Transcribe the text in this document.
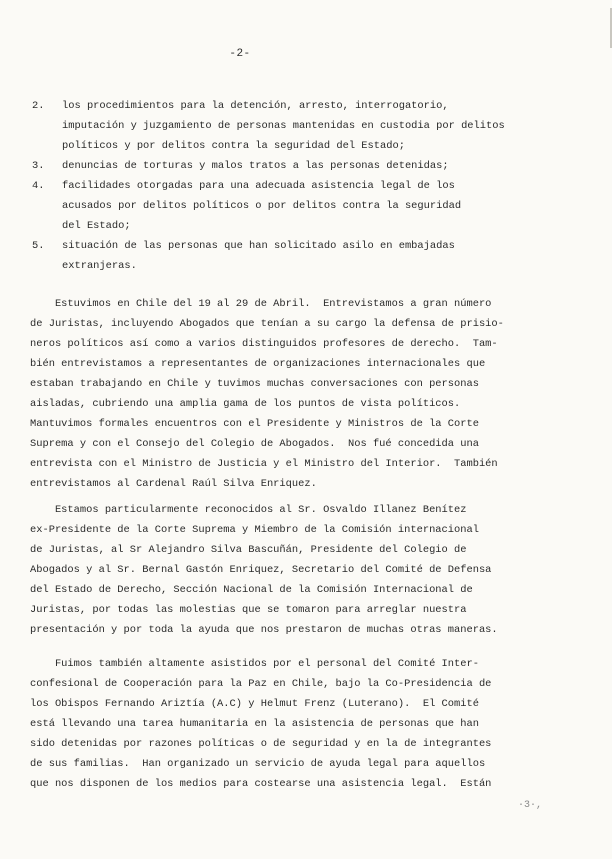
-2-
2.	los procedimientos para la detención, arresto, interrogatorio,
imputación y juzgamiento de personas mantenidas en custodia por delitos
políticos y por delitos contra la seguridad del Estado;
3.	denuncias de torturas y malos tratos a las personas detenidas;
4.	facilidades otorgadas para una adecuada asistencia legal de los
acusados por delitos políticos o por delitos contra la seguridad
del Estado;
5.	situación de las personas que han solicitado asilo en embajadas
extranjeras.
Estuvimos en Chile del 19 al 29 de Abril.  Entrevistamos a gran número
de Juristas, incluyendo Abogados que tenían a su cargo la defensa de prisio-
neros políticos así como a varios distinguidos profesores de derecho.  Tam-
bién entrevistamos a representantes de organizaciones internacionales que
estaban trabajando en Chile y tuvimos muchas conversaciones con personas
aisladas, cubriendo una amplia gama de los puntos de vista políticos.
Mantuvimos formales encuentros con el Presidente y Ministros de la Corte
Suprema y con el Consejo del Colegio de Abogados.  Nos fué concedida una
entrevista con el Ministro de Justicia y el Ministro del Interior.  También
entrevistamos al Cardenal Raúl Silva Enriquez.
Estamos particularmente reconocidos al Sr. Osvaldo Illanez Benítez
ex-Presidente de la Corte Suprema y Miembro de la Comisión internacional
de Juristas, al Sr Alejandro Silva Bascuñán, Presidente del Colegio de
Abogados y al Sr. Bernal Gastón Enriquez, Secretario del Comité de Defensa
del Estado de Derecho, Sección Nacional de la Comisión Internacional de
Juristas, por todas las molestias que se tomaron para arreglar nuestra
presentación y por toda la ayuda que nos prestaron de muchas otras maneras.
Fuimos también altamente asistidos por el personal del Comité Inter-
confesional de Cooperación para la Paz en Chile, bajo la Co-Presidencia de
los Obispos Fernando Ariztía (A.C) y Helmut Frenz (Luterano).  El Comité
está llevando una tarea humanitaria en la asistencia de personas que han
sido detenidas por razones políticas o de seguridad y en la de integrantes
de sus familias.  Han organizado un servicio de ayuda legal para aquellos
que nos disponen de los medios para costearse una asistencia legal.  Están
·3·,
